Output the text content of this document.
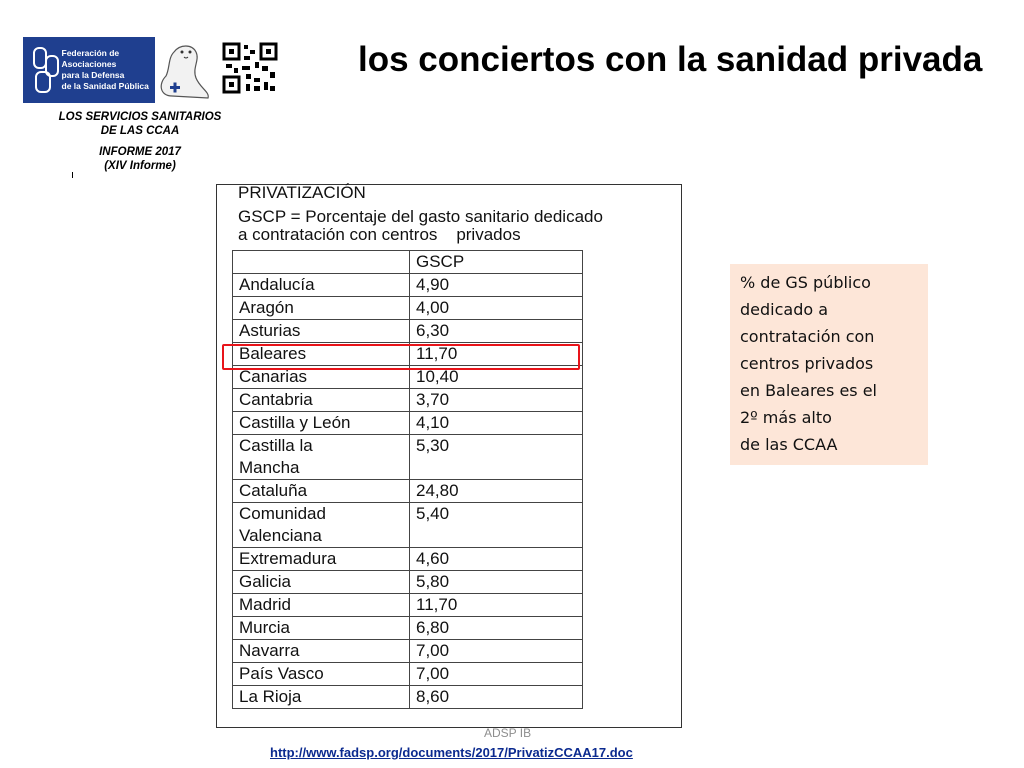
Federación de Asociaciones
para la Defensa
de la Sanidad Pública
los conciertos con la sanidad privada
LOS SERVICIOS SANITARIOS
DE LAS CCAA
INFORME 2017
(XIV Informe)
PRIVATIZACIÓN
GSCP = Porcentaje del gasto sanitario dedicado
a contratación con centros privados
	GSCP
Andalucía	4,90
Aragón	4,00
Asturias	6,30
Baleares	11,70
Canarias	10,40
Cantabria	3,70
Castilla y León	4,10
Castilla la
Mancha	5,30
Cataluña	24,80
Comunidad
Valenciana	5,40
Extremadura	4,60
Galicia	5,80
Madrid	11,70
Murcia	6,80
Navarra	7,00
País Vasco	7,00
La Rioja	8,60
% de GS público
dedicado a
contratación con
centros privados
en Baleares es el
2º más alto
de las CCAA
ADSP IB
http://www.fadsp.org/documents/2017/PrivatizCCAA17.doc
